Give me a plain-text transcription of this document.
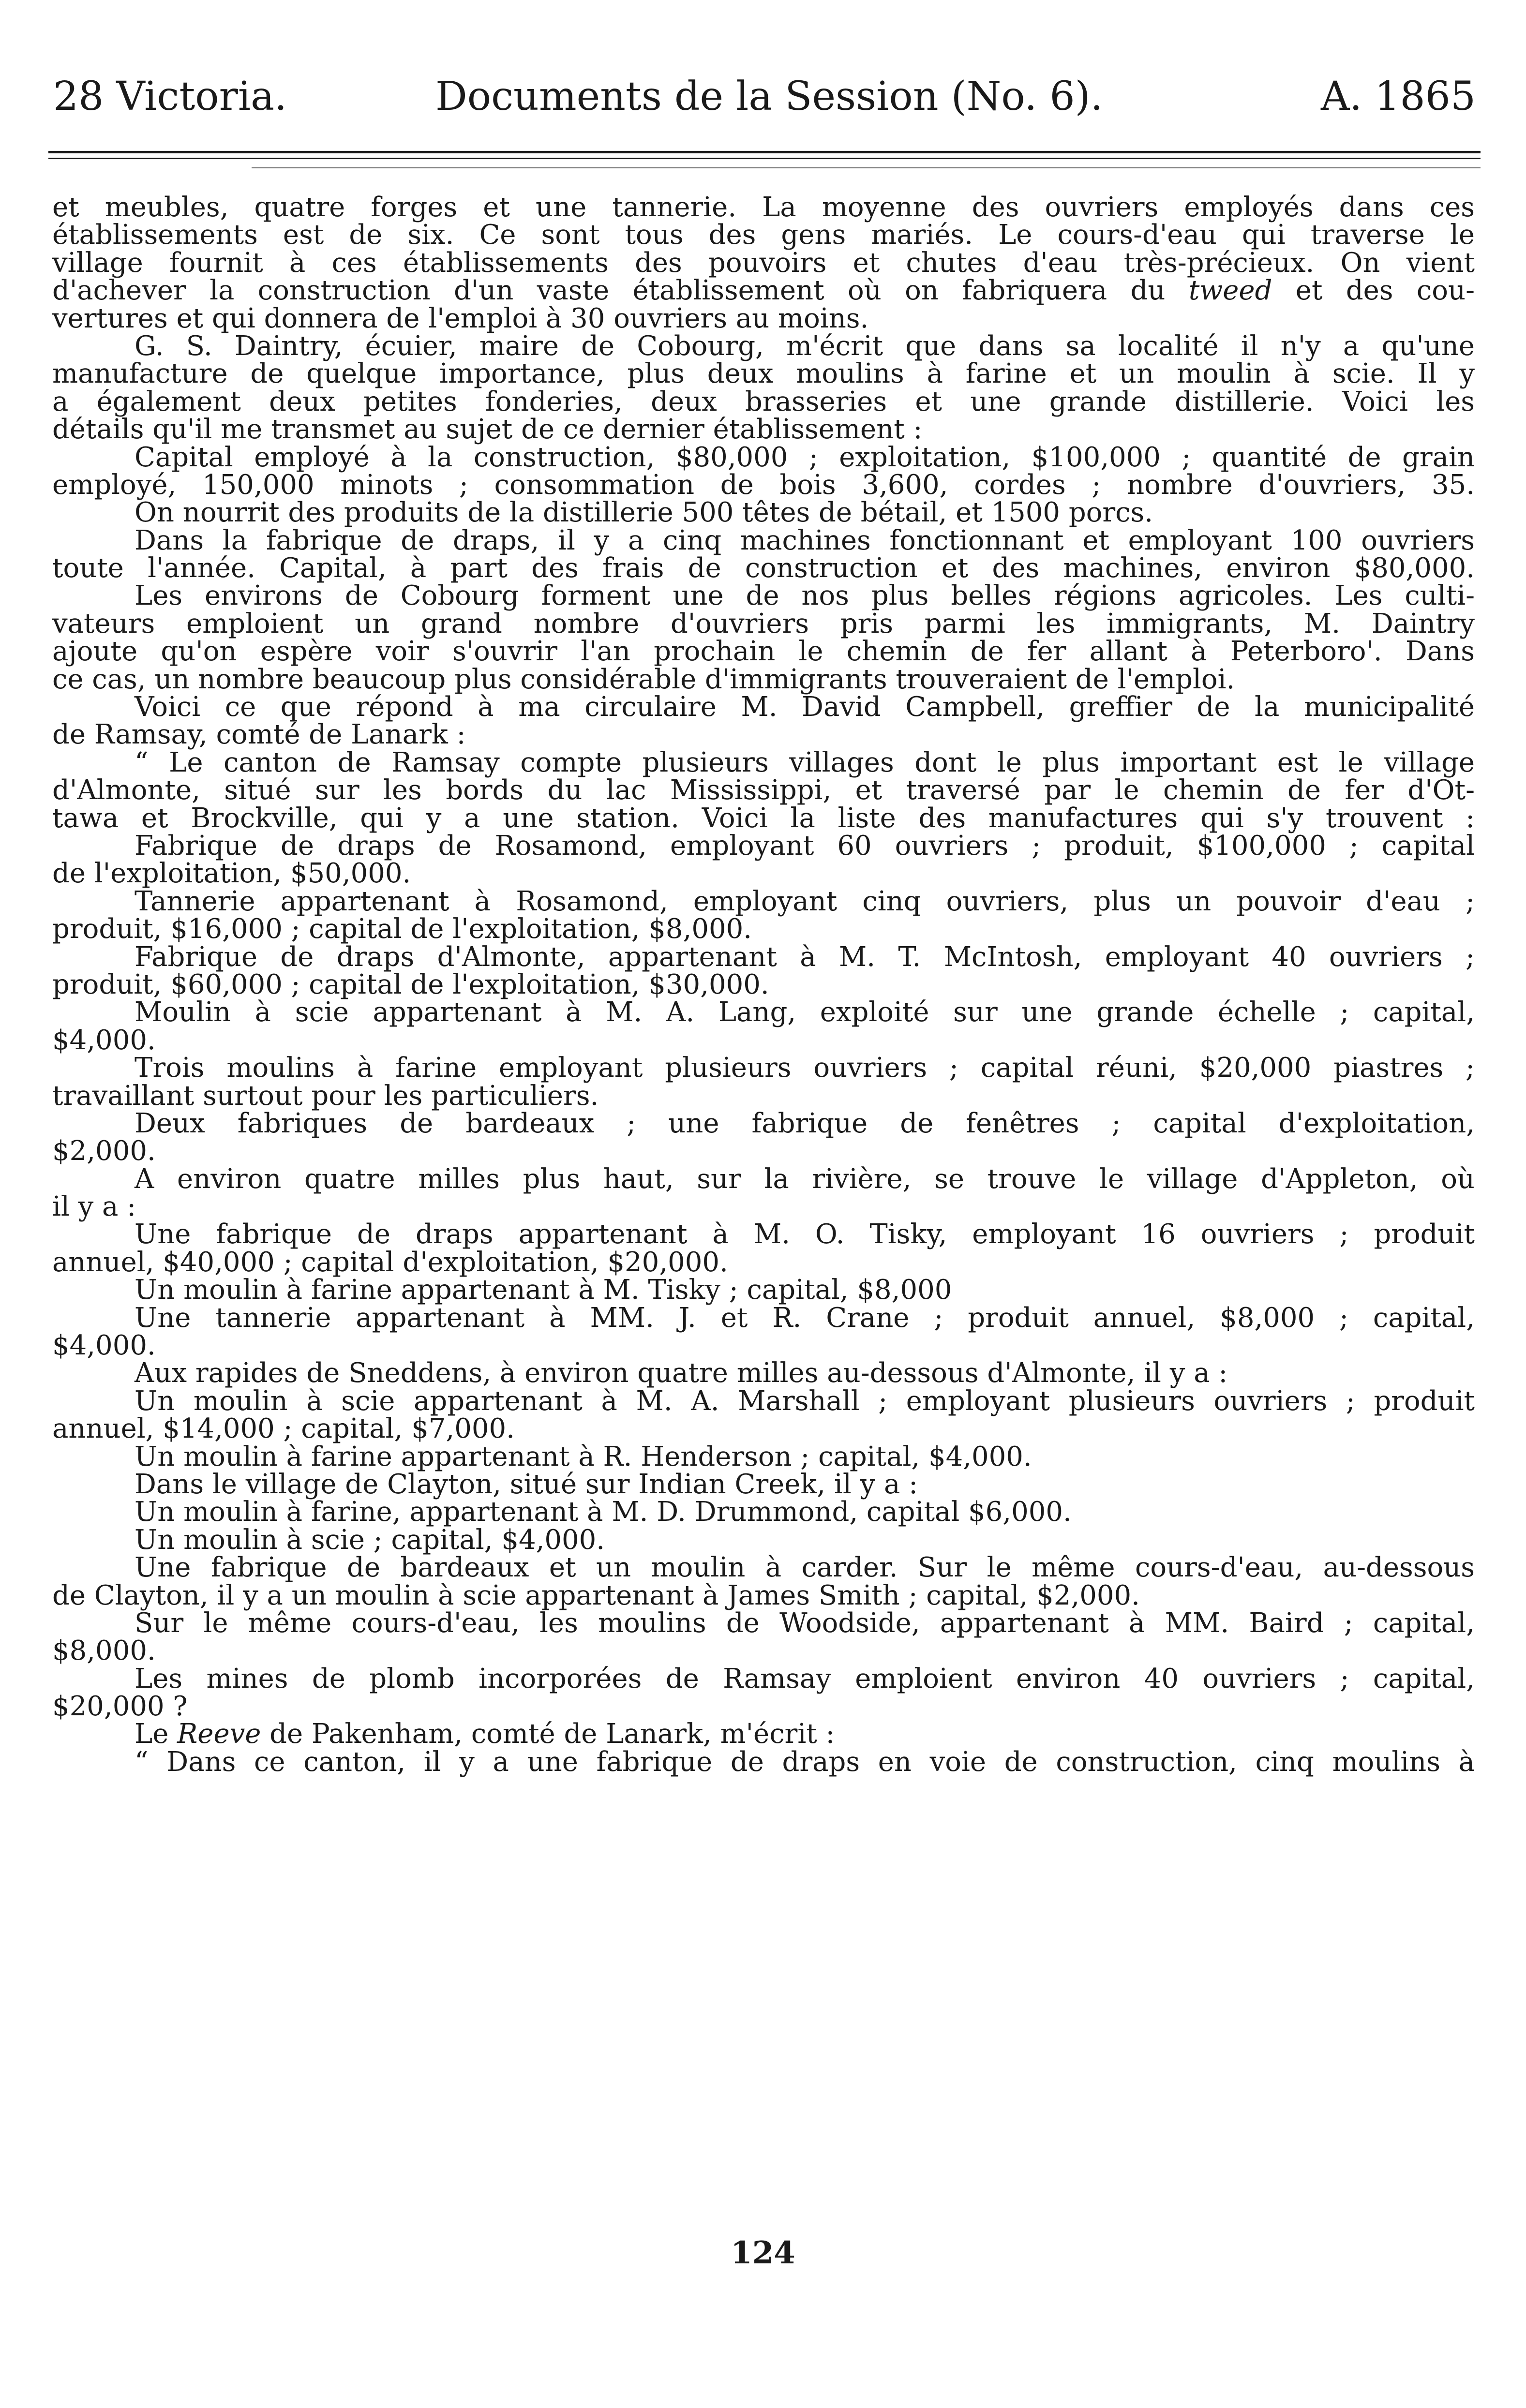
28 Victoria.	Documents de la Session (No. 6).	A. 1865
et meubles, quatre forges et une tannerie. La moyenne des ouvriers employés dans ces
établissements est de six. Ce sont tous des gens mariés. Le cours-d'eau qui traverse le
village fournit à ces établissements des pouvoirs et chutes d'eau très-précieux. On vient
d'achever la construction d'un vaste établissement où on fabriquera du tweed et des cou-
vertures et qui donnera de l'emploi à 30 ouvriers au moins.
G. S. Daintry, écuier, maire de Cobourg, m'écrit que dans sa localité il n'y a qu'une
manufacture de quelque importance, plus deux moulins à farine et un moulin à scie. Il y
a également deux petites fonderies, deux brasseries et une grande distillerie. Voici les
détails qu'il me transmet au sujet de ce dernier établissement :
Capital employé à la construction, $80,000 ; exploitation, $100,000 ; quantité de grain
employé, 150,000 minots ; consommation de bois 3,600, cordes ; nombre d'ouvriers, 35.
On nourrit des produits de la distillerie 500 têtes de bétail, et 1500 porcs.
Dans la fabrique de draps, il y a cinq machines fonctionnant et employant 100 ouvriers
toute l'année. Capital, à part des frais de construction et des machines, environ $80,000.
Les environs de Cobourg forment une de nos plus belles régions agricoles. Les culti-
vateurs emploient un grand nombre d'ouvriers pris parmi les immigrants, M. Daintry
ajoute qu'on espère voir s'ouvrir l'an prochain le chemin de fer allant à Peterboro'. Dans
ce cas, un nombre beaucoup plus considérable d'immigrants trouveraient de l'emploi.
Voici ce que répond à ma circulaire M. David Campbell, greffier de la municipalité
de Ramsay, comté de Lanark :
“ Le canton de Ramsay compte plusieurs villages dont le plus important est le village
d'Almonte, situé sur les bords du lac Mississippi, et traversé par le chemin de fer d'Ot-
tawa et Brockville, qui y a une station. Voici la liste des manufactures qui s'y trouvent :
Fabrique de draps de Rosamond, employant 60 ouvriers ; produit, $100,000 ; capital
de l'exploitation, $50,000.
Tannerie appartenant à Rosamond, employant cinq ouvriers, plus un pouvoir d'eau ;
produit, $16,000 ; capital de l'exploitation, $8,000.
Fabrique de draps d'Almonte, appartenant à M. T. McIntosh, employant 40 ouvriers ;
produit, $60,000 ; capital de l'exploitation, $30,000.
Moulin à scie appartenant à M. A. Lang, exploité sur une grande échelle ; capital,
$4,000.
Trois moulins à farine employant plusieurs ouvriers ; capital réuni, $20,000 piastres ;
travaillant surtout pour les particuliers.
Deux fabriques de bardeaux ; une fabrique de fenêtres ; capital d'exploitation,
$2,000.
A environ quatre milles plus haut, sur la rivière, se trouve le village d'Appleton, où
il y a :
Une fabrique de draps appartenant à M. O. Tisky, employant 16 ouvriers ; produit
annuel, $40,000 ; capital d'exploitation, $20,000.
Un moulin à farine appartenant à M. Tisky ; capital, $8,000
Une tannerie appartenant à MM. J. et R. Crane ; produit annuel, $8,000 ; capital,
$4,000.
Aux rapides de Sneddens, à environ quatre milles au-dessous d'Almonte, il y a :
Un moulin à scie appartenant à M. A. Marshall ; employant plusieurs ouvriers ; produit
annuel, $14,000 ; capital, $7,000.
Un moulin à farine appartenant à R. Henderson ; capital, $4,000.
Dans le village de Clayton, situé sur Indian Creek, il y a :
Un moulin à farine, appartenant à M. D. Drummond, capital $6,000.
Un moulin à scie ; capital, $4,000.
Une fabrique de bardeaux et un moulin à carder. Sur le même cours-d'eau, au-dessous
de Clayton, il y a un moulin à scie appartenant à James Smith ; capital, $2,000.
Sur le même cours-d'eau, les moulins de Woodside, appartenant à MM. Baird ; capital,
$8,000.
Les mines de plomb incorporées de Ramsay emploient environ 40 ouvriers ; capital,
$20,000 ?
Le Reeve de Pakenham, comté de Lanark, m'écrit :
“ Dans ce canton, il y a une fabrique de draps en voie de construction, cinq moulins à
124
